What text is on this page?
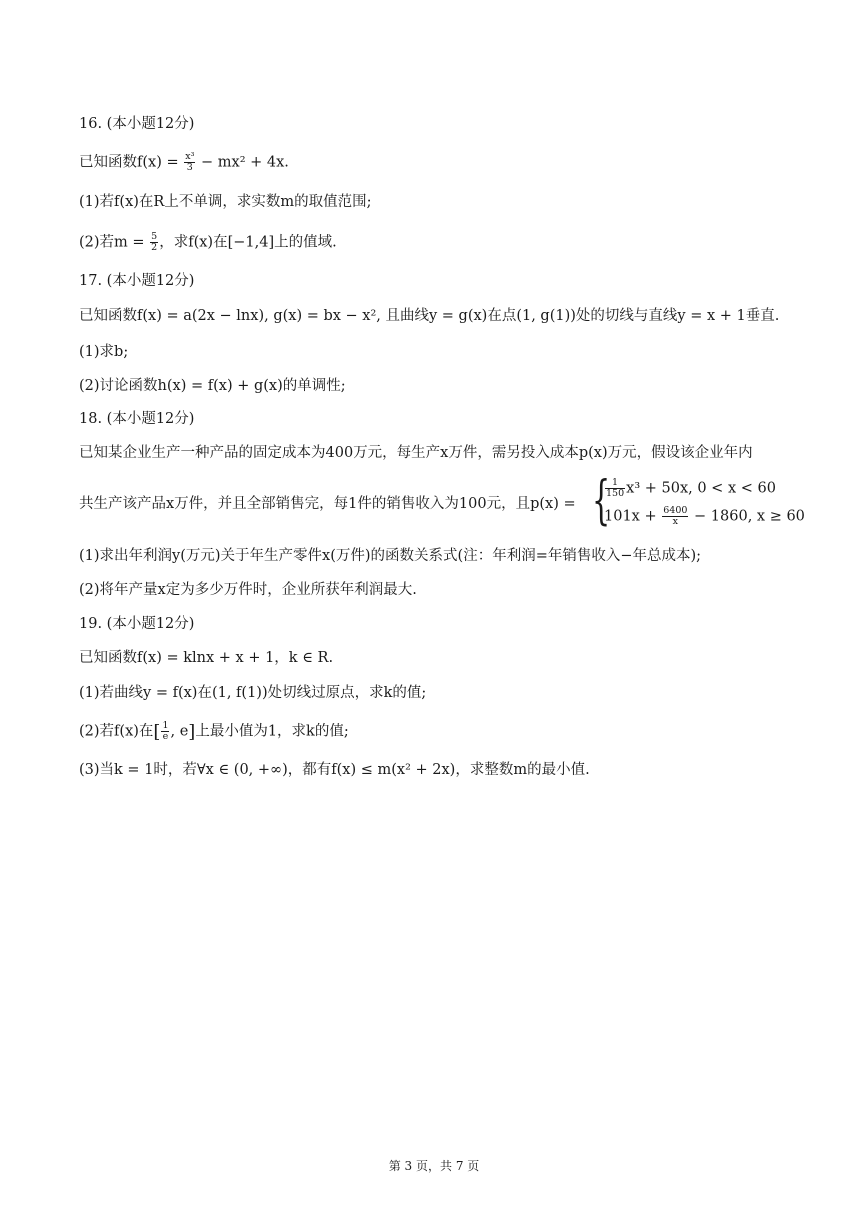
16. (本小题12分)
已知函数$f(x) = \frac{\text{x³}}{3} - mx^2 + 4x$.
(1)若f(x)在R上不单调，求实数m的取值范围;
(2)若$m = \frac{5}{2}$ ，求f(x)在[−1,4]上的值域.
17. (本小题12分)
已知函数f(x) = a(2x − lnx), g(x) = bx − x², 且曲线y = g(x)在点(1, g(1))处的切线与直线y = x + 1垂直.
(1)求b;
(2)讨论函数h(x) = f(x) + g(x)的单调性;
18. (本小题12分)
已知某企业生产一种产品的固定成本为400万元，每生产x万件，需另投入成本p(x)万元，假设该企业年内
共生产该产品x万件，并且全部销售完，每1件的销售收入为100元，且p(x) = {
$\frac{1}{150} x^3 + 50x$, 0 < x < 60
$101x + \frac{6400}{x} - 1860$, x ≥ 60
(1)求出年利润y(万元)关于年生产零件x(万件)的函数关系式(注：年利润=年销售收入−年总成本);
(2)将年产量x定为多少万件时，企业所获年利润最大.
19. (本小题12分)
已知函数f(x) = klnx + x + 1，k ∈ R.
(1)若曲线y = f(x)在(1, f(1))处切线过原点，求k的值;
(2)若f(x)在[ $\frac{1}{e}$ , e]上最小值为1，求k的值;
(3)当k = 1时，若∀x ∈ (0, +∞)，都有f(x) ≤ m(x² + 2x)，求整数m的最小值.
第 3 页，共 7 页
